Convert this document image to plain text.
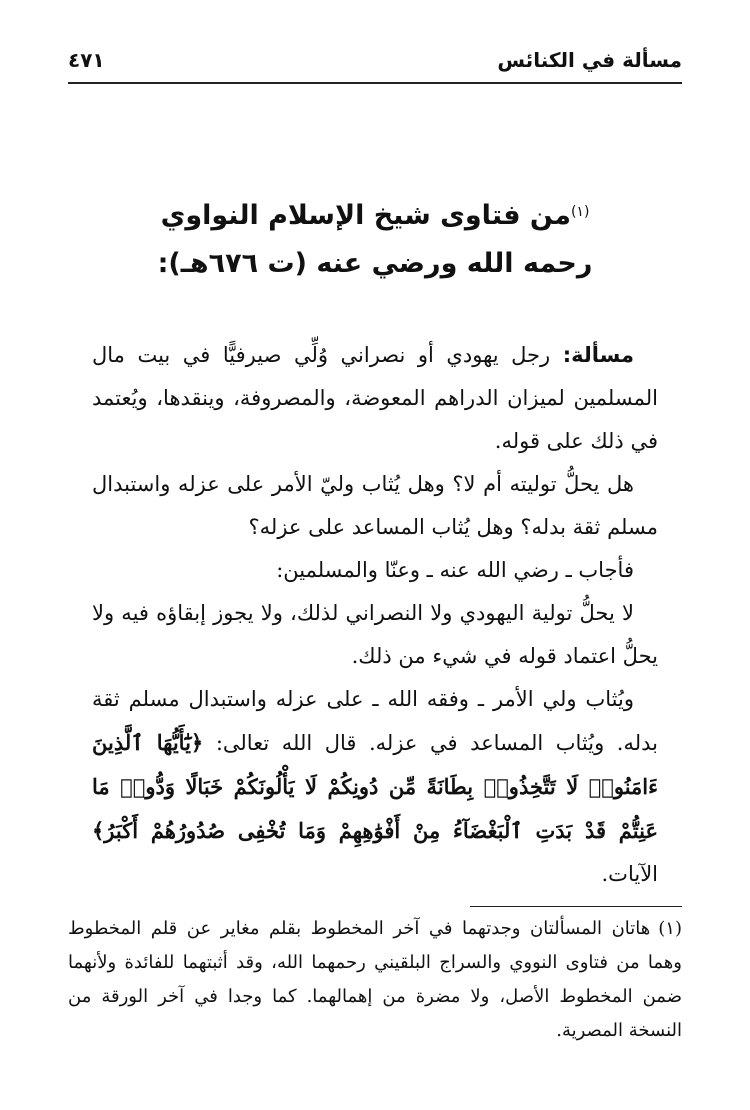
مسألة في الكنائس
٤٧١
$^{(١)}$من فتاوى شيخ الإسلام النواوي
رحمه الله ورضي عنه (ت ٦٧٦هـ):

مسألة: رجل يهودي أو نصراني وُلِّي صيرفيًّا في بيت مال المسلمين لميزان الدراهم المعوضة، والمصروفة، وينقدها، ويُعتمد في ذلك على قوله.

هل يحلُّ توليته أم لا؟ وهل يُثاب وليّ الأمر على عزله واستبدال مسلم ثقة بدله؟ وهل يُثاب المساعد على عزله؟

فأجاب ـ رضي الله عنه ـ وعنّا والمسلمين:

لا يحلُّ تولية اليهودي ولا النصراني لذلك، ولا يجوز إبقاؤه فيه ولا يحلُّ اعتماد قوله في شيء من ذلك.

ويُثاب ولي الأمر ـ وفقه الله ـ على عزله واستبدال مسلم ثقة بدله. ويُثاب المساعد في عزله. قال الله تعالى: ﴿يَٰٓأَيُّهَا ٱلَّذِينَ ءَامَنُوا۟ لَا تَتَّخِذُوا۟ بِطَانَةً مِّن دُونِكُمْ لَا يَأْلُونَكُمْ خَبَالًا وَدُّوا۟ مَا عَنِتُّمْ قَدْ بَدَتِ ٱلْبَغْضَآءُ مِنْ أَفْوَٰهِهِمْ وَمَا تُخْفِى صُدُورُهُمْ أَكْبَرُ﴾ الآيات.

(١)هاتان المسألتان وجدتهما في آخر المخطوط بقلم مغاير عن قلم المخطوط وهما من فتاوى النووي والسراج البلقيني رحمهما الله، وقد أثبتهما للفائدة ولأنهما ضمن المخطوط الأصل، ولا مضرة من إهمالهما. كما وجدا في آخر الورقة من النسخة المصرية.
